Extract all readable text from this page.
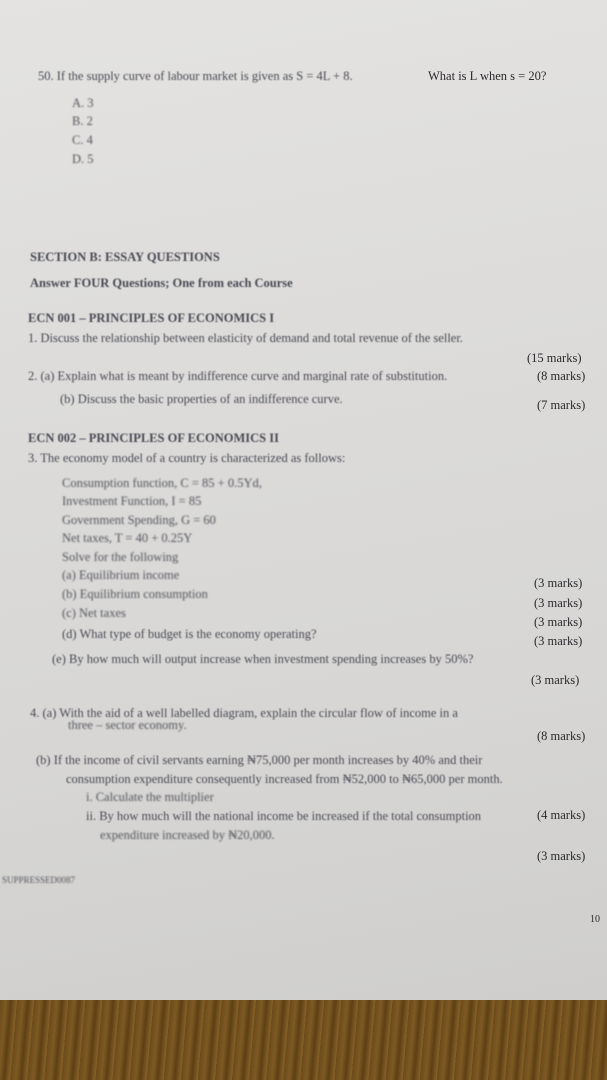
50. If the supply curve of labour market is given as S = 4L + 8.	What is L when s = 20?
A. 3
B. 2
C. 4
D. 5
SECTION B: ESSAY QUESTIONS
Answer FOUR Questions; One from each Course
ECN 001 – PRINCIPLES OF ECONOMICS I
1. Discuss the relationship between elasticity of demand and total revenue of the seller.
(15 marks)
2. (a) Explain what is meant by indifference curve and marginal rate of substitution.	(8 marks)
(b) Discuss the basic properties of an indifference curve.	(7 marks)
ECN 002 – PRINCIPLES OF ECONOMICS II
3. The economy model of a country is characterized as follows:
Consumption function, C = 85 + 0.5Yd,
Investment Function, I = 85
Government Spending, G = 60
Net taxes, T = 40 + 0.25Y
Solve for the following
(a) Equilibrium income
(3 marks)
(b) Equilibrium consumption
(3 marks)
(c) Net taxes
(3 marks)
(d) What type of budget is the economy operating?	(3 marks)
(e) By how much will output increase when investment spending increases by 50%?
(3 marks)
4. (a) With the aid of a well labelled diagram, explain the circular flow of income in a
three – sector economy.
(8 marks)
(b) If the income of civil servants earning ₦75,000 per month increases by 40% and their
consumption expenditure consequently increased from ₦52,000 to ₦65,000 per month.
i. Calculate the multiplier
(4 marks)
ii. By how much will the national income be increased if the total consumption
expenditure increased by ₦20,000.
(3 marks)
SUPPRESSED0087
10
